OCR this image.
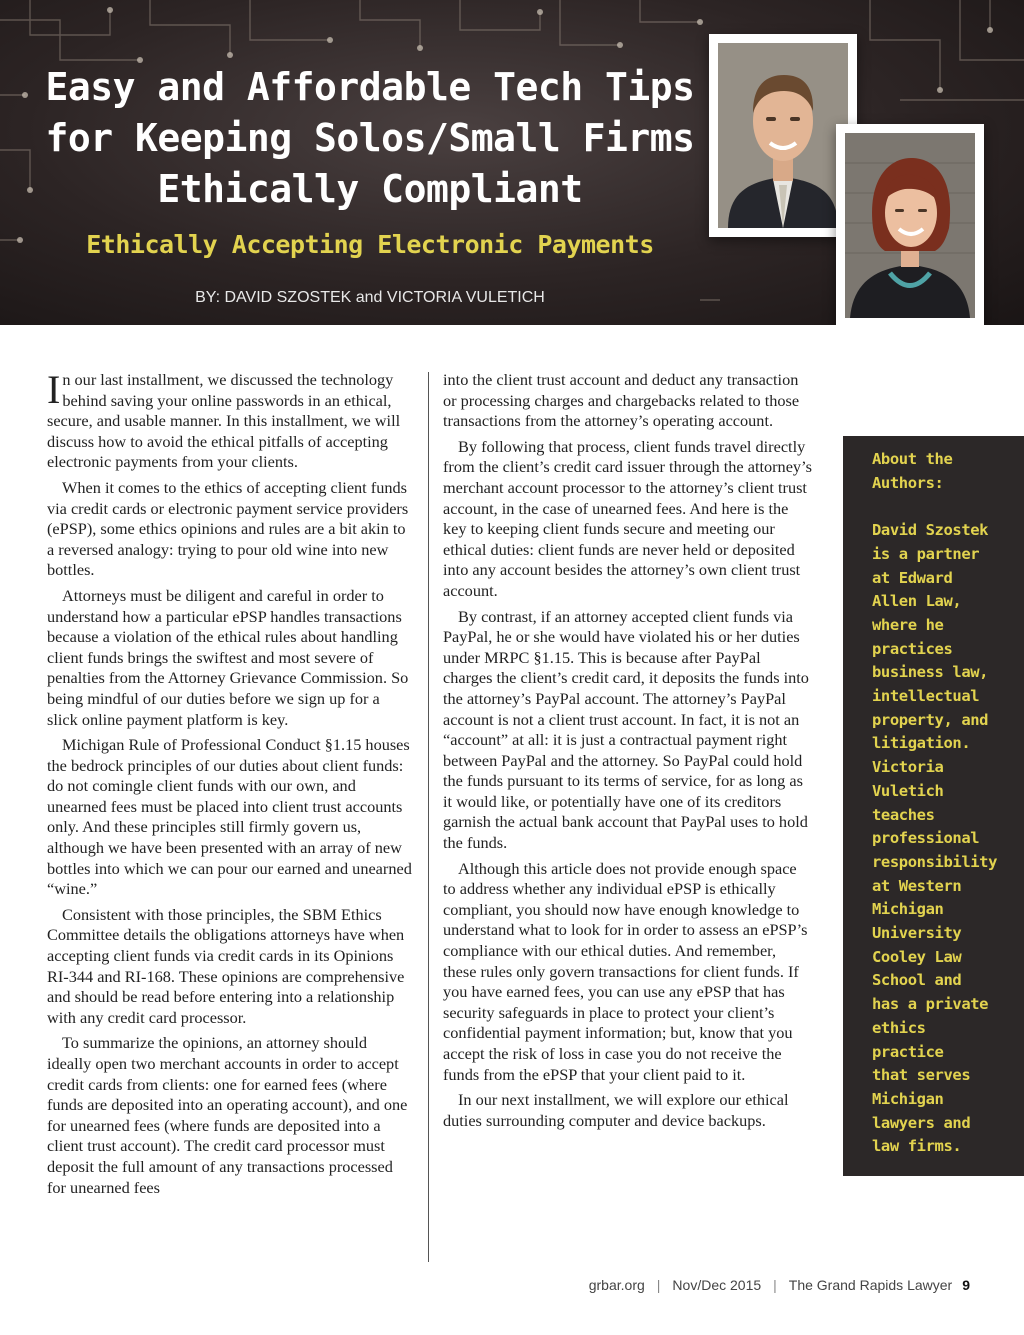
Easy and Affordable Tech Tips
for Keeping Solos/Small Firms
Ethically Compliant
Ethically Accepting Electronic Payments
BY: DAVID SZOSTEK and VICTORIA VULETICH

In our last installment, we discussed the technology behind saving your online passwords in an ethical, secure, and usable manner. In this installment, we will discuss how to avoid the ethical pitfalls of accepting electronic payments from your clients.

When it comes to the ethics of accepting client funds via credit cards or electronic payment service providers (ePSP), some ethics opinions and rules are a bit akin to a reversed analogy: trying to pour old wine into new bottles.

Attorneys must be diligent and careful in order to understand how a particular ePSP handles transactions because a violation of the ethical rules about handling client funds brings the swiftest and most severe of penalties from the Attorney Grievance Commission. So being mindful of our duties before we sign up for a slick online payment platform is key.

Michigan Rule of Professional Conduct §1.15 houses the bedrock principles of our duties about client funds: do not comingle client funds with our own, and unearned fees must be placed into client trust accounts only. And these principles still firmly govern us, although we have been presented with an array of new bottles into which we can pour our earned and unearned “wine.”

Consistent with those principles, the SBM Ethics Committee details the obligations attorneys have when accepting client funds via credit cards in its Opinions RI-344 and RI-168. These opinions are comprehensive and should be read before entering into a relationship with any credit card processor.

To summarize the opinions, an attorney should ideally open two merchant accounts in order to accept credit cards from clients: one for earned fees (where funds are deposited into an operating account), and one for unearned fees (where funds are deposited into a client trust account). The credit card processor must deposit the full amount of any transactions processed for unearned fees

into the client trust account and deduct any transaction or processing charges and chargebacks related to those transactions from the attorney’s operating account.

By following that process, client funds travel directly from the client’s credit card issuer through the attorney’s merchant account processor to the attorney’s client trust account, in the case of unearned fees. And here is the key to keeping client funds secure and meeting our ethical duties: client funds are never held or deposited into any account besides the attorney’s own client trust account.

By contrast, if an attorney accepted client funds via PayPal, he or she would have violated his or her duties under MRPC §1.15. This is because after PayPal charges the client’s credit card, it deposits the funds into the attorney’s PayPal account. The attorney’s PayPal account is not a client trust account. In fact, it is not an “account” at all: it is just a contractual payment right between PayPal and the attorney. So PayPal could hold the funds pursuant to its terms of service, for as long as it would like, or potentially have one of its creditors garnish the actual bank account that PayPal uses to hold the funds.

Although this article does not provide enough space to address whether any individual ePSP is ethically compliant, you should now have enough knowledge to understand what to look for in order to assess an ePSP’s compliance with our ethical duties. And remember, these rules only govern transactions for client funds. If you have earned fees, you can use any ePSP that has security safeguards in place to protect your client’s confidential payment information; but, know that you accept the risk of loss in case you do not receive the funds from the ePSP that your client paid to it.

In our next installment, we will explore our ethical duties surrounding computer and device backups.

About the
Authors:
David Szostek
is a partner
at Edward
Allen Law,
where he
practices
business law,
intellectual
property, and
litigation.
Victoria
Vuletich
teaches
professional
responsibility
at Western
Michigan
University
Cooley Law
School and
has a private
ethics
practice
that serves
Michigan
lawyers and
law firms.
grbar.org | Nov/Dec 2015 | The Grand Rapids Lawyer 9
